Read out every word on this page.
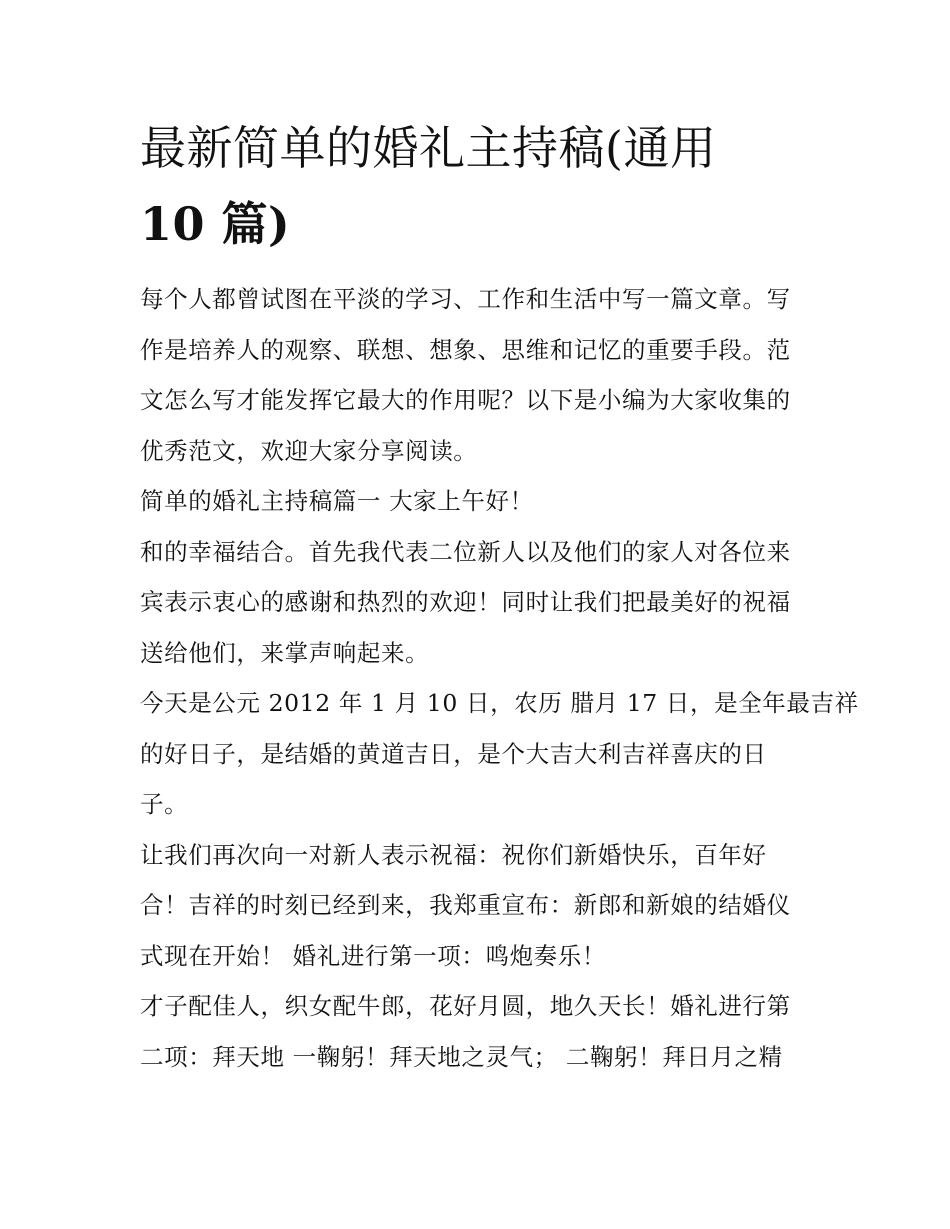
最新简单的婚礼主持稿(通用
10 篇)

每个人都曾试图在平淡的学习、工作和生活中写一篇文章。写
作是培养人的观察、联想、想象、思维和记忆的重要手段。范
文怎么写才能发挥它最大的作用呢？以下是小编为大家收集的
优秀范文，欢迎大家分享阅读。

简单的婚礼主持稿篇一 大家上午好！

和的幸福结合。首先我代表二位新人以及他们的家人对各位来
宾表示衷心的感谢和热烈的欢迎！同时让我们把最美好的祝福
送给他们，来掌声响起来。

今天是公元 2012 年 1 月 10 日，农历 腊月 17 日，是全年最吉祥
的好日子，是结婚的黄道吉日，是个大吉大利吉祥喜庆的日
子。

让我们再次向一对新人表示祝福：祝你们新婚快乐，百年好
合！吉祥的时刻已经到来，我郑重宣布：新郎和新娘的结婚仪
式现在开始！ 婚礼进行第一项：鸣炮奏乐！

才子配佳人，织女配牛郎，花好月圆，地久天长！婚礼进行第
二项：拜天地 一鞠躬！拜天地之灵气； 二鞠躬！拜日月之精
